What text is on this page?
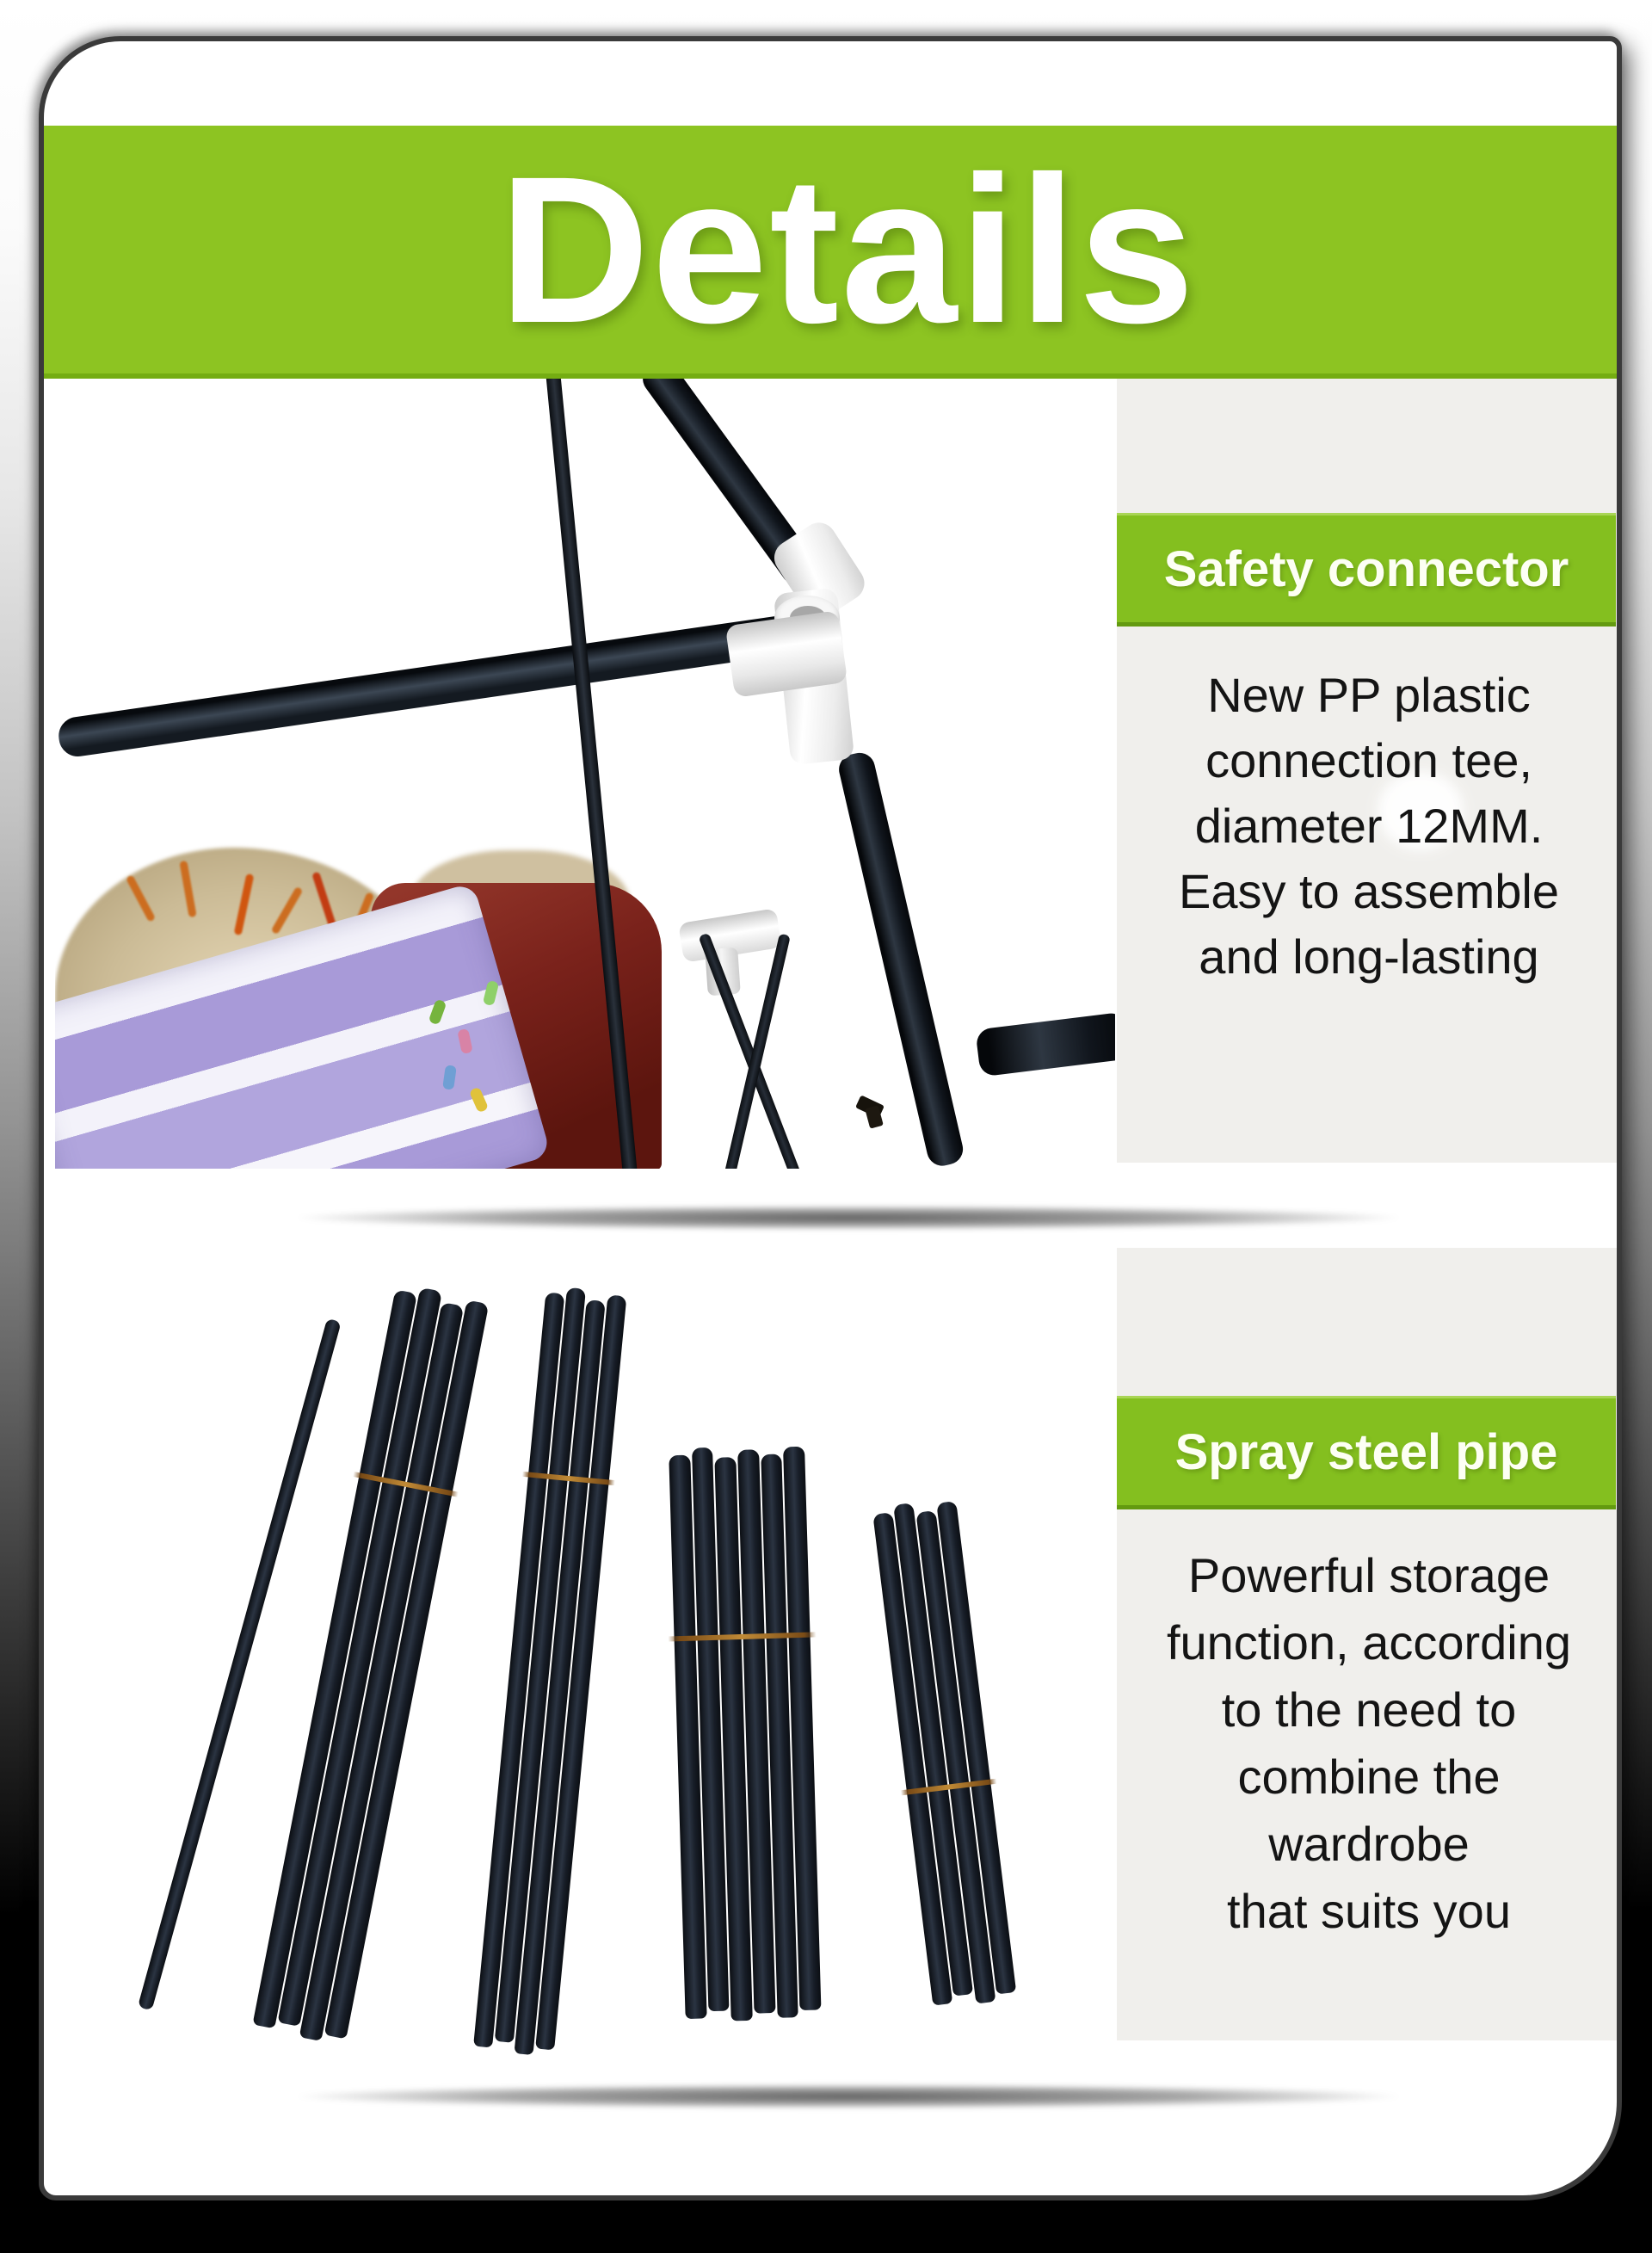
Details
Safety connector
New PP plastic
connection tee,
diameter 12MM.
Easy to assemble
and long-lasting
Spray steel pipe
Powerful storage
function, according
to the need to
combine the
wardrobe
that suits you
